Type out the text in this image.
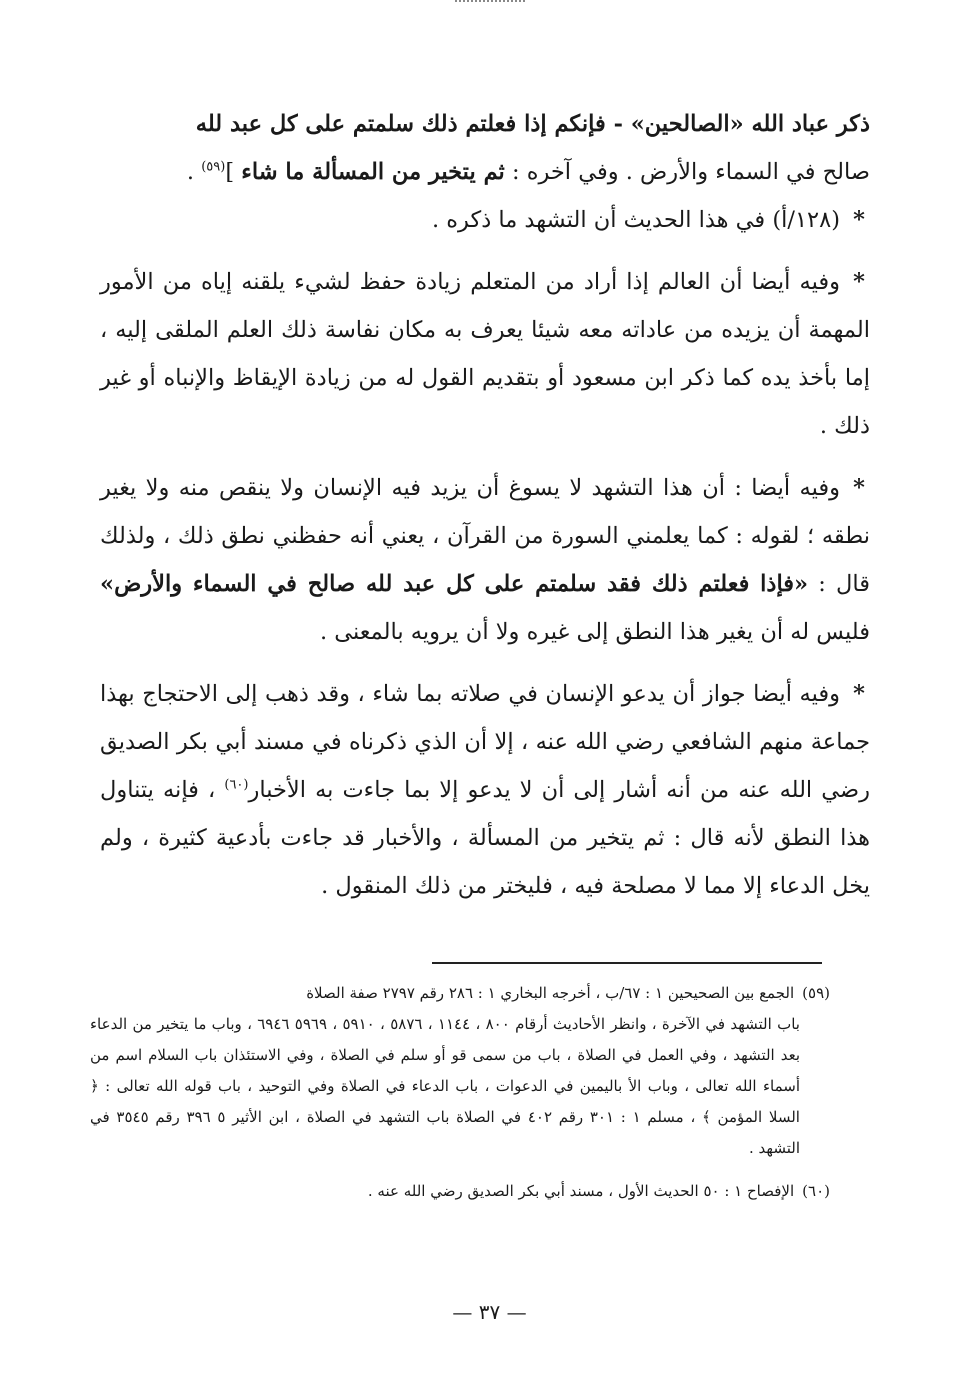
ذكر عباد الله «الصالحين» - فإنكم إذا فعلتم ذلك سلمتم على كل عبد لله

صالح في السماء والأرض . وفي آخره : ثم يتخير من المسألة ما شاء ]$^{(٥٩)}$ .

*(١٢٨/أ) في هذا الحديث أن التشهد ما ذكره .

*وفيه أيضا أن العالم إذا أراد من المتعلم زيادة حفظ لشيء يلقنه إياه من الأمور المهمة أن يزيده من عاداته معه شيئا يعرف به مكان نفاسة ذلك العلم الملقى إليه ، إما بأخذ يده كما ذكر ابن مسعود أو بتقديم القول له من زيادة الإيقاظ والإنباه أو غير ذلك .

*وفيه أيضا : أن هذا التشهد لا يسوغ أن يزيد فيه الإنسان ولا ينقص منه ولا يغير نطقه ؛ لقوله : كما يعلمني السورة من القرآن ، يعني أنه حفظني نطق ذلك ، ولذلك قال : «فإذا فعلتم ذلك فقد سلمتم على كل عبد لله صالح في السماء والأرض» فليس له أن يغير هذا النطق إلى غيره ولا أن يرويه بالمعنى .

*وفيه أيضا جواز أن يدعو الإنسان في صلاته بما شاء ، وقد ذهب إلى الاحتجاج بهذا جماعة منهم الشافعي رضي الله عنه ، إلا أن الذي ذكرناه في مسند أبي بكر الصديق رضي الله عنه من أنه أشار إلى أن لا يدعو إلا بما جاءت به الأخبار$^{(٦٠)}$ ، فإنه يتناول هذا النطق لأنه قال : ثم يتخير من المسألة ، والأخبار قد جاءت بأدعية كثيرة ، ولم يخل الدعاء إلا مما لا مصلحة فيه ، فليختر من ذلك المنقول .

(٥٩)الجمع بين الصحيحين ١ : ٦٧/ب ، أخرجه البخاري ١ : ٢٨٦ رقم ٢٧٩٧ صفة الصلاة

باب التشهد في الآخرة ، وانظر الأحاديث أرقام ٨٠٠ ، ١١٤٤ ، ٥٨٧٦ ، ٥٩١٠ ، ٥٩٦٩ ٦٩٤٦ ، وباب ما يتخير من الدعاء بعد التشهد ، وفي العمل في الصلاة ، باب من سمى قو أو سلم في الصلاة ، وفي الاستئذان باب السلام اسم من أسماء الله تعالى ، وباب الأ باليمين في الدعوات ، باب الدعاء في الصلاة وفي التوحيد ، باب قوله الله تعالى : ﴿ السلا المؤمن ﴾ ، مسلم ١ : ٣٠١ رقم ٤٠٢ في الصلاة باب التشهد في الصلاة ، ابن الأثير ٥ ٣٩٦ رقم ٣٥٤٥ في التشهد .

(٦٠)الإفصاح ١ : ٥٠ الحديث الأول ، مسند أبي بكر الصديق رضي الله عنه .

— ٣٧ —
